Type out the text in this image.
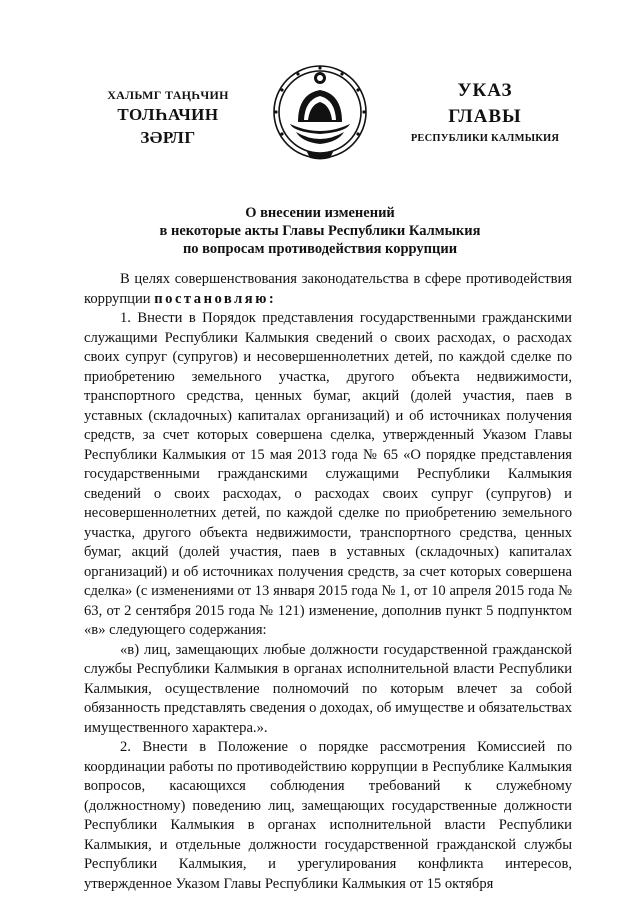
ХАЛЬМГ ТАҢҺЧИН
ТОЛҺАЧИН
ЗӘРЛГ
УКАЗ
ГЛАВЫ
РЕСПУБЛИКИ КАЛМЫКИЯ
О внесении изменений
в некоторые акты Главы Республики Калмыкия
по вопросам противодействия коррупции

В целях совершенствования законодательства в сфере противодействия коррупции постановляю:

1. Внести в Порядок представления государственными гражданскими служащими Республики Калмыкия сведений о своих расходах, о расходах своих супруг (супругов) и несовершеннолетних детей, по каждой сделке по приобретению земельного участка, другого объекта недвижимости, транспортного средства, ценных бумаг, акций (долей участия, паев в уставных (складочных) капиталах организаций) и об источниках получения средств, за счет которых совершена сделка, утвержденный Указом Главы Республики Калмыкия от 15 мая 2013 года № 65 «О порядке представления государственными гражданскими служащими Республики Калмыкия сведений о своих расходах, о расходах своих супруг (супругов) и несовершеннолетних детей, по каждой сделке по приобретению земельного участка, другого объекта недвижимости, транспортного средства, ценных бумаг, акций (долей участия, паев в уставных (складочных) капиталах организаций) и об источниках получения средств, за счет которых совершена сделка» (с изменениями от 13 января 2015 года № 1, от 10 апреля 2015 года № 63, от 2 сентября 2015 года № 121) изменение, дополнив пункт 5 подпунктом «в» следующего содержания:

«в) лиц, замещающих любые должности государственной гражданской службы Республики Калмыкия в органах исполнительной власти Республики Калмыкия, осуществление полномочий по которым влечет за собой обязанность представлять сведения о доходах, об имуществе и обязательствах имущественного характера.».

2. Внести в Положение о порядке рассмотрения Комиссией по координации работы по противодействию коррупции в Республике Калмыкия вопросов, касающихся соблюдения требований к служебному (должностному) поведению лиц, замещающих государственные должности Республики Калмыкия в органах исполнительной власти Республики Калмыкия, и отдельные должности государственной гражданской службы Республики Калмыкия, и урегулирования конфликта интересов, утвержденное Указом Главы Республики Калмыкия от 15 октября
